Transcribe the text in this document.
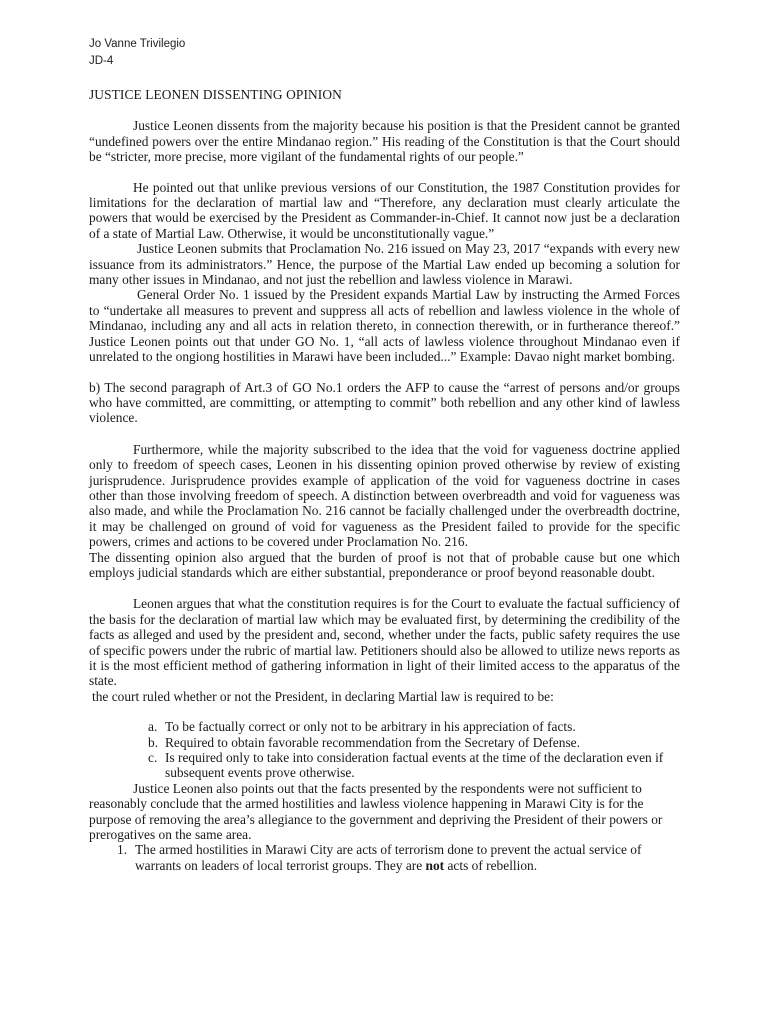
Jo Vanne Trivilegio
JD-4
JUSTICE LEONEN DISSENTING OPINION

Justice Leonen dissents from the majority because his position is that the President cannot be granted “undefined powers over the entire Mindanao region.” His reading of the Constitution is that the Court should be “stricter, more precise, more vigilant of the fundamental rights of our people.”

He pointed out that unlike previous versions of our Constitution, the 1987 Constitution provides for limitations for the declaration of martial law and “Therefore, any declaration must clearly articulate the powers that would be exercised by the President as Commander-in-Chief. It cannot now just be a declaration of a state of Martial Law. Otherwise, it would be unconstitutionally vague.”

Justice Leonen submits that Proclamation No. 216 issued on May 23, 2017 “expands with every new issuance from its administrators.” Hence, the purpose of the Martial Law ended up becoming a solution for many other issues in Mindanao, and not just the rebellion and lawless violence in Marawi.

General Order No. 1 issued by the President expands Martial Law by instructing the Armed Forces to “undertake all measures to prevent and suppress all acts of rebellion and lawless violence in the whole of Mindanao, including any and all acts in relation thereto, in connection therewith, or in furtherance thereof.” Justice Leonen points out that under GO No. 1, “all acts of lawless violence throughout Mindanao even if unrelated to the ongiong hostilities in Marawi have been included...” Example: Davao night market bombing.

b) The second paragraph of Art.3 of GO No.1 orders the AFP to cause the “arrest of persons and/or groups who have committed, are committing, or attempting to commit” both rebellion and any other kind of lawless violence.

Furthermore, while the majority subscribed to the idea that the void for vagueness doctrine applied only to freedom of speech cases, Leonen in his dissenting opinion proved otherwise by review of existing jurisprudence. Jurisprudence provides example of application of the void for vagueness doctrine in cases other than those involving freedom of speech. A distinction between overbreadth and void for vagueness was also made, and while the Proclamation No. 216 cannot be facially challenged under the overbreadth doctrine, it may be challenged on ground of void for vagueness as the President failed to provide for the specific powers, crimes and actions to be covered under Proclamation No. 216.

The dissenting opinion also argued that the burden of proof is not that of probable cause but one which employs judicial standards which are either substantial, preponderance or proof beyond reasonable doubt.

Leonen argues that what the constitution requires is for the Court to evaluate the factual sufficiency of the basis for the declaration of martial law which may be evaluated first, by determining the credibility of the facts as alleged and used by the president and, second, whether under the facts, public safety requires the use of specific powers under the rubric of martial law. Petitioners should also be allowed to utilize news reports as it is the most efficient method of gathering information in light of their limited access to the apparatus of the state.

the court ruled whether or not the President, in declaring Martial law is required to be:

a. To be factually correct or only not to be arbitrary in his appreciation of facts.
b. Required to obtain favorable recommendation from the Secretary of Defense.
c. Is required only to take into consideration factual events at the time of the declaration even if subsequent events prove otherwise.

Justice Leonen also points out that the facts presented by the respondents were not sufficient to reasonably conclude that the armed hostilities and lawless violence happening in Marawi City is for the purpose of removing the area’s allegiance to the government and depriving the President of their powers or prerogatives on the same area.

1. The armed hostilities in Marawi City are acts of terrorism done to prevent the actual service of warrants on leaders of local terrorist groups. They are not acts of rebellion.
